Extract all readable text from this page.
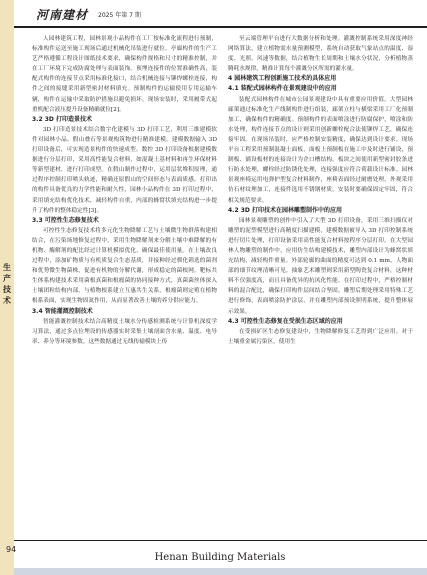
生
产
技
术
河南建材 2025 年第 7 期

人园林建筑工程，园林景观小品构件在工厂按标准化流程进行预制，标准构件运送至施工现场后通过机械化吊装进行就位。亭廊构件的生产工艺严格遵循工程设计图纸技术要求，确保构件规格和尺寸的精准控制，并在工厂环境下完成防腐处理与表面装饰。预埋连接件的位置准确性高，装配式构件的连接节点采用标准化接口，结合机械连接与铆焊螺栓连接，构件之间的接缝采用新型密封材料填充。预制构件的运输使用专用运输车辆，构件在运输中采取防护措施以避免损坏。现场安装时，采用履带式起重机配合液压提升设备精确就位[2]。

3.2 3D 打印造景技术

3D 打印造景技术结合数字化建模与 3D 打印工艺，利用三维建模软件对园林小品、假山叠石等景观构筑物进行精准建模，建模数据输入 3D 打印设备后，可实现造景构件的快速成型。数控 3D 打印设备根据建模数据进行分层打印，采用高性能复合材料，如混凝土基材料和再生环保材料等新型建材，进行打印成型。在假山制作过程中，运用层状堆积原理，通过程序控制打印喷头轨迹，精确还原假山的空间形态与表面质感。打印出的构件具备优良的力学性能和耐久性，园林小品构件在 3D 打印过程中，采用填充结构优化技术，减轻构件自重，内部的蜂窝状填充结构进一步提升了构件的整体稳定性[3]。

3.3 可控性生态修复技术

可控性生态修复技术将多元化生物降解工艺与土壤微生物群落构建相结合，在污染场地修复过程中，采用生物降解剂来分解土壤中难降解的有机物、酶解剂的配比经过计算机模拟优化，确保最佳使用量。在土壤改良过程中，添加矿物质与有机质复合生态基质，并接种经过驯化筛选的菌剂和优势微生物菌株，促进有机物的分解代谢，形成稳定的菌根网。靶标共生体系构建技术采用菌根真菌和根瘤菌的协同接种方式，真菌菌丝体深入土壤团粒结构内部，与植物根系建立互惠共生关系，根瘤菌则定殖在植物根系表面，实现生物固氮作用，从而显著改善土壤的养分供应能力。

3.4 智能灌溉控制技术

智能灌溉控制技术结合高精度土壤水分传感检测系统与计算机深度学习算法，通过多点位埋设的传感器实时采集土壤剖面含水量、温度、电导率、养分等环境参数。这些数据通过无线传输模块上传

至云端管理平台进行大数据分析和处理。灌溉控制系统采用深度神经网络算法，建立植物需水量预测模型，系统自动获取气象站点的温度、湿度、光照、风速等数据，结合植物生长周期和土壤水分状况，分析植物蒸腾耗水规律，精准计算每个灌溉分区所需的灌水量。

4 园林建筑工程创新施工技术的具体应用

4.1 装配式园林构件在景观建设中的应用

装配式园林构件在城市公园景观建设中具有重要应用价值。大型园林廊架通过标准化生产线制构件进行组装，廊架立柱与横梁采用工厂化预制加工，确保构件的精确度。预制构件的表面喷涂进行防腐保护，喷涂和防水处理，构件连接节点的设计则采用创新螺栓配合法使铆焊工艺，确保连接牢固。在现场吊装时，应严格控制安装精度，确保达到设计要求。现场平台工程采用预制混凝土面板，面板上预制板在施工中及时进行铺设，预制板、铺设板材的连接设计为企口槽结构，板块之间使用新型密封胶条进行防水处理，螺栓经过防锈化处理，连接强度应符合荷载设计标准。园林景观座椅运用电弹护型复合材料制作，座椅表面经过耐磨处理，外观采用仿石材纹理加工，连接件选用不锈钢材质，安装时要确保固定牢固，符合相关规范要求。

4.2 3D 打印技术在园林雕塑制作中的应用

园林景观雕塑的创作中引入了大型 3D 打印设备，采用三维扫描仪对雕塑的泥塑模型进行高精度扫描建模，建模数据被导入 3D 打印控制系统进行切片处理，打印设备采用高性能复合材料按程序分层打印。在大型园林人物雕塑的制作中，应用仿生结构建模技术，雕塑内部设计为蜂窝状填充结构，减轻构件重量。外部轮廓的曲面的精度可达到 0.1 mm，人物面部的细节纹理清晰可见。抽象艺术雕塑则采用新型陶瓷复合材料，这种材料不仅强度高，而且具备优异的抗风化性能。在打印过程中，严格控制材料的混合配比，确保打印构件层间结合坚固。雕塑后期处理采用特殊工艺进行修饰，表面喷涂防护涂层，并在雕塑内部预设照明系统，提升整体展示效果。

4.3 可控性生态修复在受损生态区域的应用

在受损矿区生态修复建设中，生物降解修复工艺得到广泛应用。对于土壤重金属污染区，使用生

94
Henan Building Materials
